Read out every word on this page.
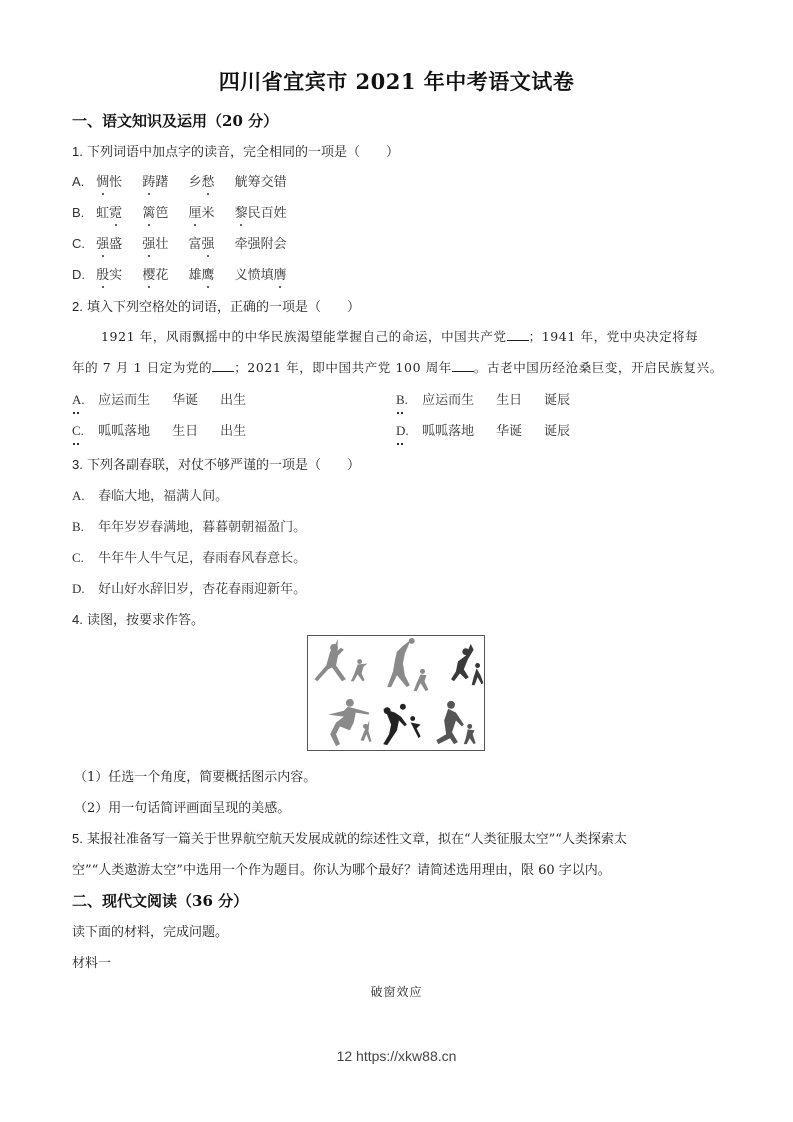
四川省宜宾市 2021 年中考语文试卷
一、语文知识及运用（20 分）
1. 下列词语中加点字的读音，完全相同的一项是（　　）
A. 惆怅 踌躇 乡愁 觥筹交错
B. 虹霓 篱笆 厘米 黎民百姓
C. 强盛 强壮 富强 牵强附会
D. 殷实 樱花 雄鹰 义愤填膺
2. 填入下列空格处的词语，正确的一项是（　　）
1921 年，风雨飘摇中的中华民族渴望能掌握自己的命运，中国共产党 ；1941 年，党中央决定将每
年的 7 月 1 日定为党的 ；2021 年，即中国共产党 100 周年 。古老中国历经沧桑巨变，开启民族复兴。
A. 应运而生 华诞 出生	B. 应运而生 生日 诞辰
C. 呱呱落地 生日 出生	D. 呱呱落地 华诞 诞辰
3. 下列各副春联，对仗不够严谨的一项是（　　）
A. 春临大地，福满人间。
B. 年年岁岁春满地，暮暮朝朝福盈门。
C. 牛年牛人牛气足，春雨春风春意长。
D. 好山好水辞旧岁，杏花春雨迎新年。
4. 读图，按要求作答。
（1）任选一个角度，简要概括图示内容。
（2）用一句话简评画面呈现的美感。
5. 某报社准备写一篇关于世界航空航天发展成就的综述性文章，拟在“人类征服太空”“人类探索太
空”“人类遨游太空”中选用一个作为题目。你认为哪个最好？请简述选用理由，限 60 字以内。
二、现代文阅读（36 分）
读下面的材料，完成问题。
材料一
破窗效应
12 https://xkw88.cn
